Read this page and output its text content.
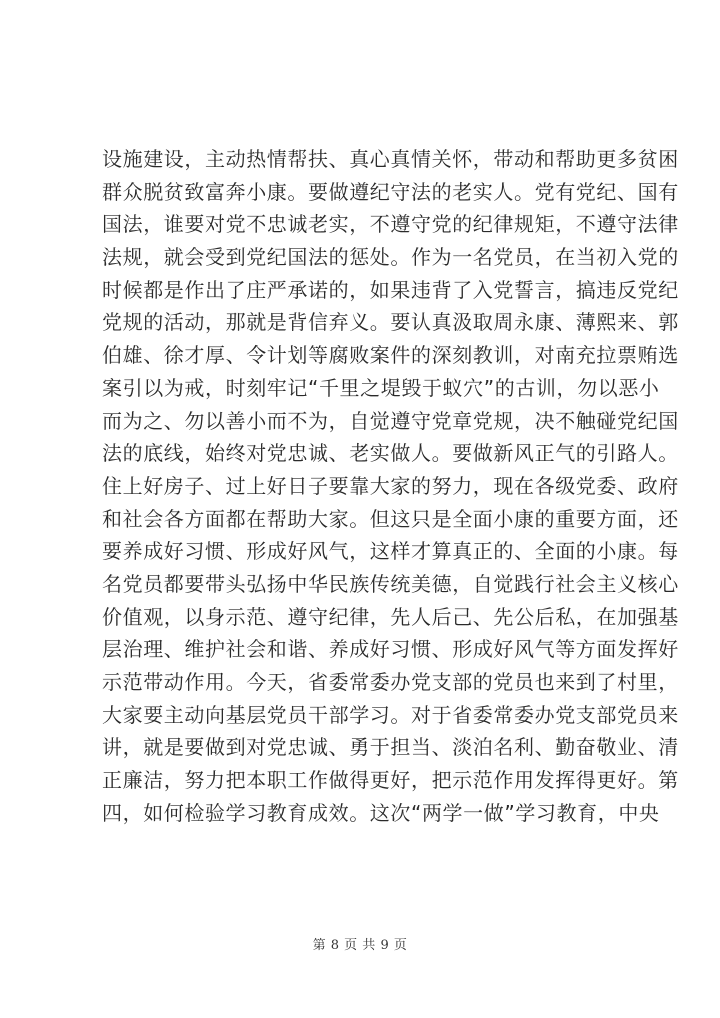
设施建设，主动热情帮扶、真心真情关怀，带动和帮助更多贫困
群众脱贫致富奔小康。要做遵纪守法的老实人。党有党纪、国有
国法，谁要对党不忠诚老实，不遵守党的纪律规矩，不遵守法律
法规，就会受到党纪国法的惩处。作为一名党员，在当初入党的
时候都是作出了庄严承诺的，如果违背了入党誓言，搞违反党纪
党规的活动，那就是背信弃义。要认真汲取周永康、薄熙来、郭
伯雄、徐才厚、令计划等腐败案件的深刻教训，对南充拉票贿选
案引以为戒，时刻牢记“千里之堤毁于蚁穴”的古训，勿以恶小
而为之、勿以善小而不为，自觉遵守党章党规，决不触碰党纪国
法的底线，始终对党忠诚、老实做人。要做新风正气的引路人。
住上好房子、过上好日子要靠大家的努力，现在各级党委、政府
和社会各方面都在帮助大家。但这只是全面小康的重要方面，还
要养成好习惯、形成好风气，这样才算真正的、全面的小康。每
名党员都要带头弘扬中华民族传统美德，自觉践行社会主义核心
价值观，以身示范、遵守纪律，先人后己、先公后私，在加强基
层治理、维护社会和谐、养成好习惯、形成好风气等方面发挥好
示范带动作用。今天，省委常委办党支部的党员也来到了村里，
大家要主动向基层党员干部学习。对于省委常委办党支部党员来
讲，就是要做到对党忠诚、勇于担当、淡泊名利、勤奋敬业、清
正廉洁，努力把本职工作做得更好，把示范作用发挥得更好。第
四，如何检验学习教育成效。这次“两学一做”学习教育，中央
第 8 页 共 9 页
